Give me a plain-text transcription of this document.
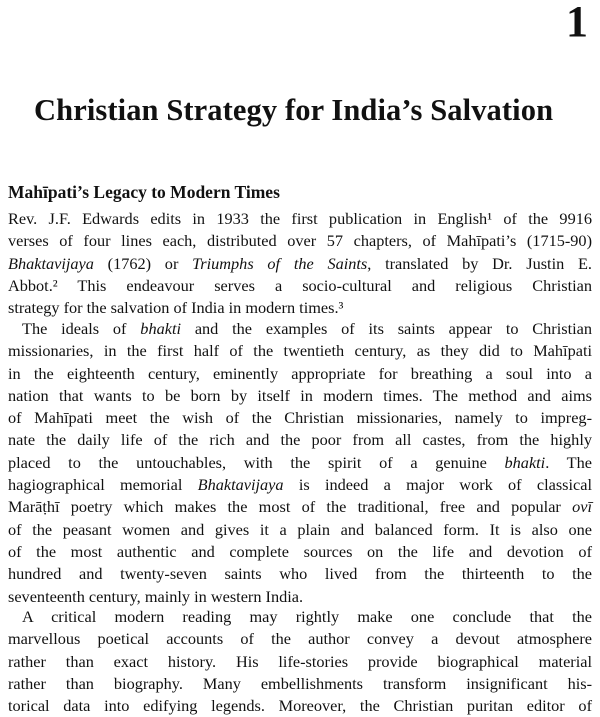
1
Christian Strategy for India’s Salvation
Mahīpati’s Legacy to Modern Times
Rev. J.F. Edwards edits in 1933 the first publication in English¹ of the 9916
verses of four lines each, distributed over 57 chapters, of Mahīpati’s (1715-90)
Bhaktavijaya (1762) or Triumphs of the Saints, translated by Dr. Justin E.
Abbot.² This endeavour serves a socio-cultural and religious Christian
strategy for the salvation of India in modern times.³
The ideals of bhakti and the examples of its saints appear to Christian
missionaries, in the first half of the twentieth century, as they did to Mahīpati
in the eighteenth century, eminently appropriate for breathing a soul into a
nation that wants to be born by itself in modern times. The method and aims
of Mahīpati meet the wish of the Christian missionaries, namely to impreg-
nate the daily life of the rich and the poor from all castes, from the highly
placed to the untouchables, with the spirit of a genuine bhakti. The
hagiographical memorial Bhaktavijaya is indeed a major work of classical
Marāṭhī poetry which makes the most of the traditional, free and popular ovī
of the peasant women and gives it a plain and balanced form. It is also one
of the most authentic and complete sources on the life and devotion of
hundred and twenty-seven saints who lived from the thirteenth to the
seventeenth century, mainly in western India.
A critical modern reading may rightly make one conclude that the
marvellous poetical accounts of the author convey a devout atmosphere
rather than exact history. His life-stories provide biographical material
rather than biography. Many embellishments transform insignificant his-
torical data into edifying legends. Moreover, the Christian puritan editor of
